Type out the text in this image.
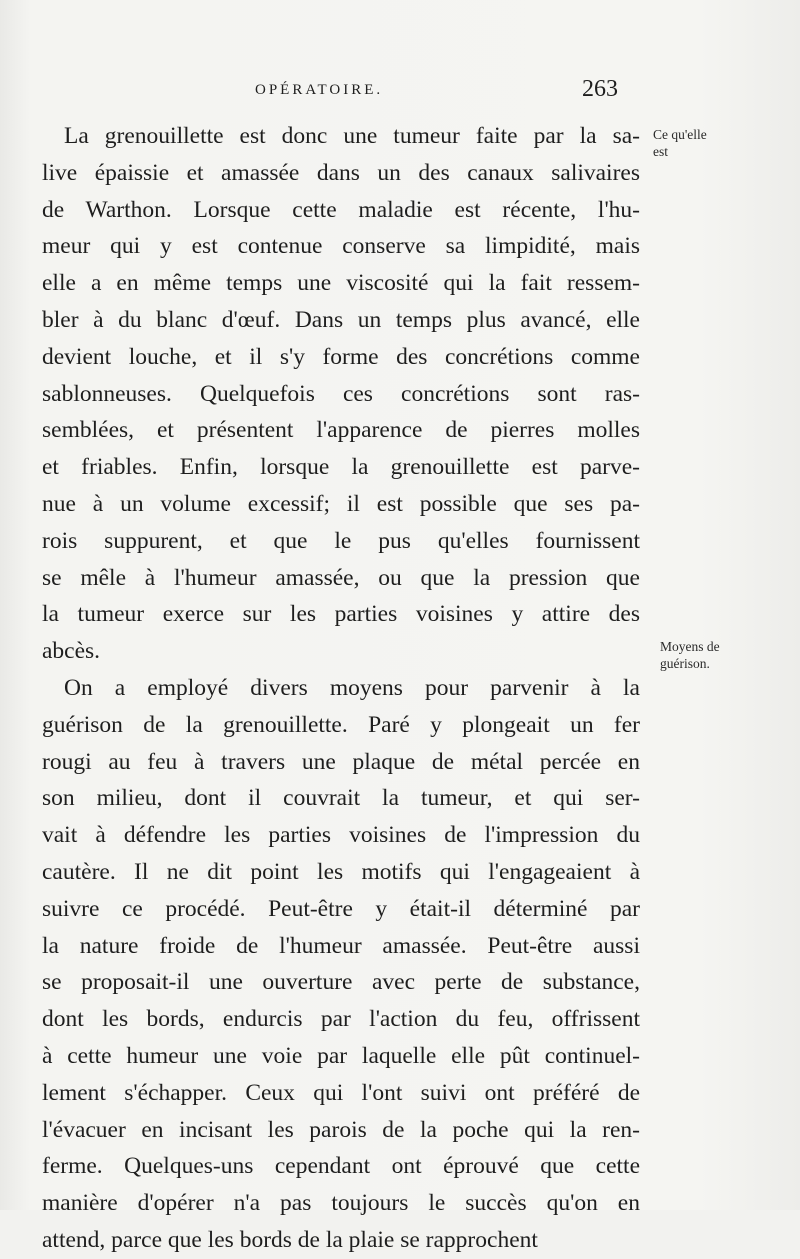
OPÉRATOIRE.	263
La grenouillette est donc une tumeur faite par la sa-
live épaissie et amassée dans un des canaux salivaires
de Warthon. Lorsque cette maladie est récente, l'hu-
meur qui y est contenue conserve sa limpidité, mais
elle a en même temps une viscosité qui la fait ressem-
bler à du blanc d'œuf. Dans un temps plus avancé, elle
devient louche, et il s'y forme des concrétions comme
sablonneuses. Quelquefois ces concrétions sont ras-
semblées, et présentent l'apparence de pierres molles
et friables. Enfin, lorsque la grenouillette est parve-
nue à un volume excessif; il est possible que ses pa-
rois suppurent, et que le pus qu'elles fournissent
se mêle à l'humeur amassée, ou que la pression que
la tumeur exerce sur les parties voisines y attire des
abcès.
On a employé divers moyens pour parvenir à la
guérison de la grenouillette. Paré y plongeait un fer
rougi au feu à travers une plaque de métal percée en
son milieu, dont il couvrait la tumeur, et qui ser-
vait à défendre les parties voisines de l'impression du
cautère. Il ne dit point les motifs qui l'engageaient à
suivre ce procédé. Peut-être y était-il déterminé par
la nature froide de l'humeur amassée. Peut-être aussi
se proposait-il une ouverture avec perte de substance,
dont les bords, endurcis par l'action du feu, offrissent
à cette humeur une voie par laquelle elle pût continuel-
lement s'échapper. Ceux qui l'ont suivi ont préféré de
l'évacuer en incisant les parois de la poche qui la ren-
ferme. Quelques-uns cependant ont éprouvé que cette
manière d'opérer n'a pas toujours le succès qu'on en
attend, parce que les bords de la plaie se rapprochent
Ce qu'elle
est
Moyens de
guérison.
